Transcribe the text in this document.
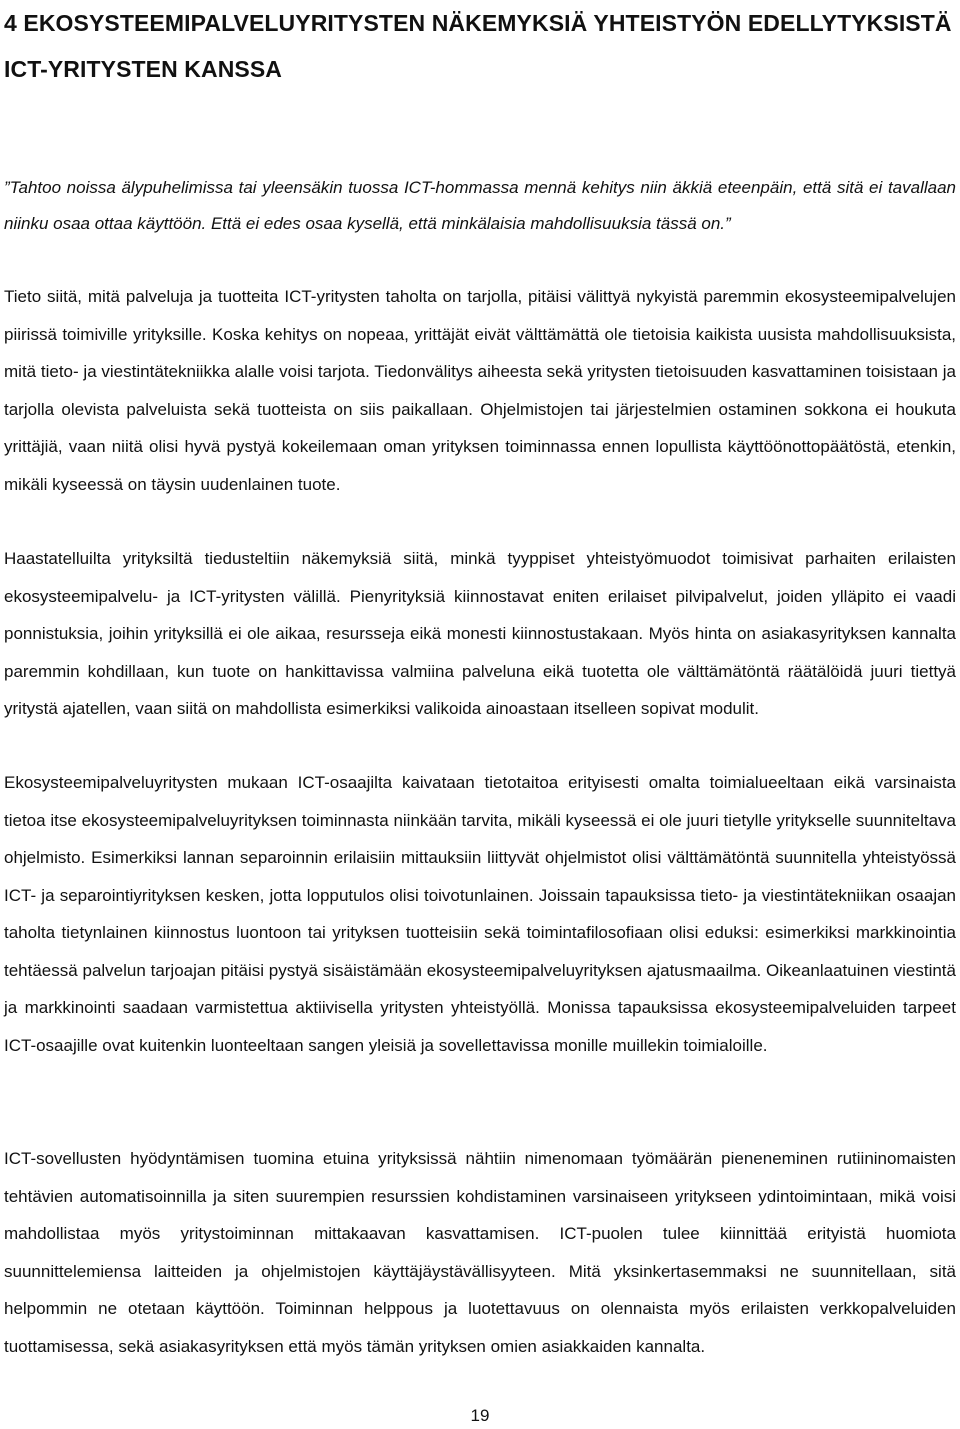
4 EKOSYSTEEMIPALVELUYRITYSTEN NÄKEMYKSIÄ YHTEISTYÖN EDELLYTYKSISTÄ ICT-YRITYSTEN KANSSA

”Tahtoo noissa älypuhelimissa tai yleensäkin tuossa ICT-hommassa mennä kehitys niin äkkiä eteenpäin, että sitä ei tavallaan niinku osaa ottaa käyttöön. Että ei edes osaa kysellä, että minkälaisia mahdollisuuksia tässä on.”

Tieto siitä, mitä palveluja ja tuotteita ICT-yritysten taholta on tarjolla, pitäisi välittyä nykyistä paremmin ekosysteemipalvelujen piirissä toimiville yrityksille. Koska kehitys on nopeaa, yrittäjät eivät välttämättä ole tietoisia kaikista uusista mahdollisuuksista, mitä tieto- ja viestintätekniikka alalle voisi tarjota. Tiedonvälitys aiheesta sekä yritysten tietoisuuden kasvattaminen toisistaan ja tarjolla olevista palveluista sekä tuotteista on siis paikallaan. Ohjelmistojen tai järjestelmien ostaminen sokkona ei houkuta yrittäjiä, vaan niitä olisi hyvä pystyä kokeilemaan oman yrityksen toiminnassa ennen lopullista käyttöönottopäätöstä, etenkin, mikäli kyseessä on täysin uudenlainen tuote.

Haastatelluilta yrityksiltä tiedusteltiin näkemyksiä siitä, minkä tyyppiset yhteistyömuodot toimisivat parhaiten erilaisten ekosysteemipalvelu- ja ICT-yritysten välillä. Pienyrityksiä kiinnostavat eniten erilaiset pilvipalvelut, joiden ylläpito ei vaadi ponnistuksia, joihin yrityksillä ei ole aikaa, resursseja eikä monesti kiinnostustakaan. Myös hinta on asiakasyrityksen kannalta paremmin kohdillaan, kun tuote on hankittavissa valmiina palveluna eikä tuotetta ole välttämätöntä räätälöidä juuri tiettyä yritystä ajatellen, vaan siitä on mahdollista esimerkiksi valikoida ainoastaan itselleen sopivat modulit.

Ekosysteemipalveluyritysten mukaan ICT-osaajilta kaivataan tietotaitoa erityisesti omalta toimialueeltaan eikä varsinaista tietoa itse ekosysteemipalveluyrityksen toiminnasta niinkään tarvita, mikäli kyseessä ei ole juuri tietylle yritykselle suunniteltava ohjelmisto. Esimerkiksi lannan separoinnin erilaisiin mittauksiin liittyvät ohjelmistot olisi välttämätöntä suunnitella yhteistyössä ICT- ja separointiyrityksen kesken, jotta lopputulos olisi toivotunlainen. Joissain tapauksissa tieto- ja viestintätekniikan osaajan taholta tietynlainen kiinnostus luontoon tai yrityksen tuotteisiin sekä toimintafilosofiaan olisi eduksi: esimerkiksi markkinointia tehtäessä palvelun tarjoajan pitäisi pystyä sisäistämään ekosysteemipalveluyrityksen ajatusmaailma. Oikeanlaatuinen viestintä ja markkinointi saadaan varmistettua aktiivisella yritysten yhteistyöllä. Monissa tapauksissa ekosysteemipalveluiden tarpeet ICT-osaajille ovat kuitenkin luonteeltaan sangen yleisiä ja sovellettavissa monille muillekin toimialoille.

ICT-sovellusten hyödyntämisen tuomina etuina yrityksissä nähtiin nimenomaan työmäärän pieneneminen rutiininomaisten tehtävien automatisoinnilla ja siten suurempien resurssien kohdistaminen varsinaiseen yritykseen ydintoimintaan, mikä voisi mahdollistaa myös yritystoiminnan mittakaavan kasvattamisen. ICT-puolen tulee kiinnittää erityistä huomiota suunnittelemiensa laitteiden ja ohjelmistojen käyttäjäystävällisyyteen. Mitä yksinkertasemmaksi ne suunnitellaan, sitä helpommin ne otetaan käyttöön. Toiminnan helppous ja luotettavuus on olennaista myös erilaisten verkkopalveluiden tuottamisessa, sekä asiakasyrityksen että myös tämän yrityksen omien asiakkaiden kannalta.

19
